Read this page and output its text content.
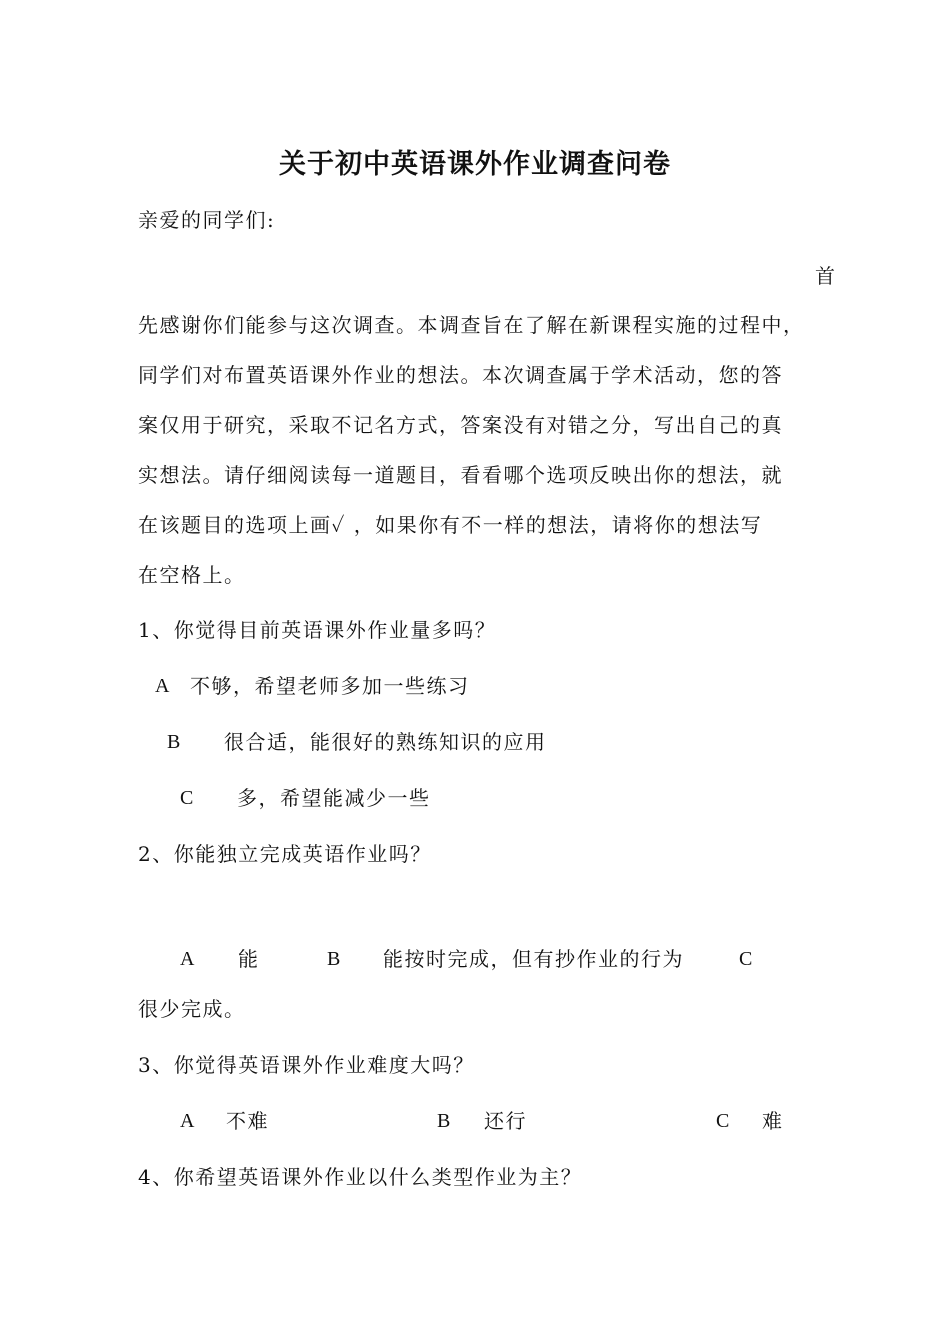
关于初中英语课外作业调查问卷
亲爱的同学们:
首
先感谢你们能参与这次调查。本调查旨在了解在新课程实施的过程中，
同学们对布置英语课外作业的想法。本次调查属于学术活动，您的答
案仅用于研究，采取不记名方式，答案没有对错之分，写出自己的真
实想法。请仔细阅读每一道题目，看看哪个选项反映出你的想法，就
在该题目的选项上画✓ ，如果你有不一样的想法，请将你的想法写
在空格上。
1、你觉得目前英语课外作业量多吗？
A 不够，希望老师多加一些练习
B 很合适，能很好的熟练知识的应用
C 多，希望能减少一些
2、你能独立完成英语作业吗？
A 能	B 能按时完成，但有抄作业的行为	C
很少完成。
3、你觉得英语课外作业难度大吗？
A 不难	B 还行	C 难
4、你希望英语课外作业以什么类型作业为主？
